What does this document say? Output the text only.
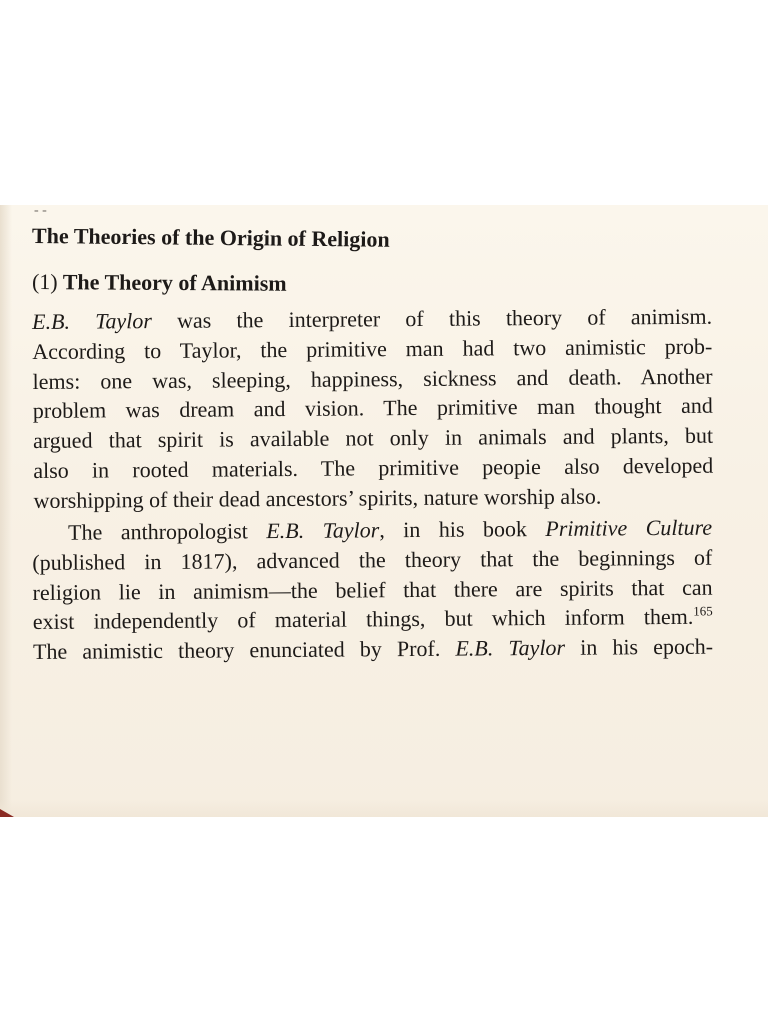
- -
The Theories of the Origin of Religion
(1) The Theory of Animism

E.B. Taylor was the interpreter of this theory of animism.
According to Taylor, the primitive man had two animistic prob-
lems: one was, sleeping, happiness, sickness and death. Another
problem was dream and vision. The primitive man thought and
argued that spirit is available not only in animals and plants, but
also in rooted materials. The primitive peopie also developed
worshipping of their dead ancestors’ spirits, nature worship also.

The anthropologist E.B. Taylor, in his book Primitive Culture
(published in 1817), advanced the theory that the beginnings of
religion lie in animism—the belief that there are spirits that can
exist independently of material things, but which inform them.$^{165}$
The animistic theory enunciated by Prof. E.B. Taylor in his epoch-
